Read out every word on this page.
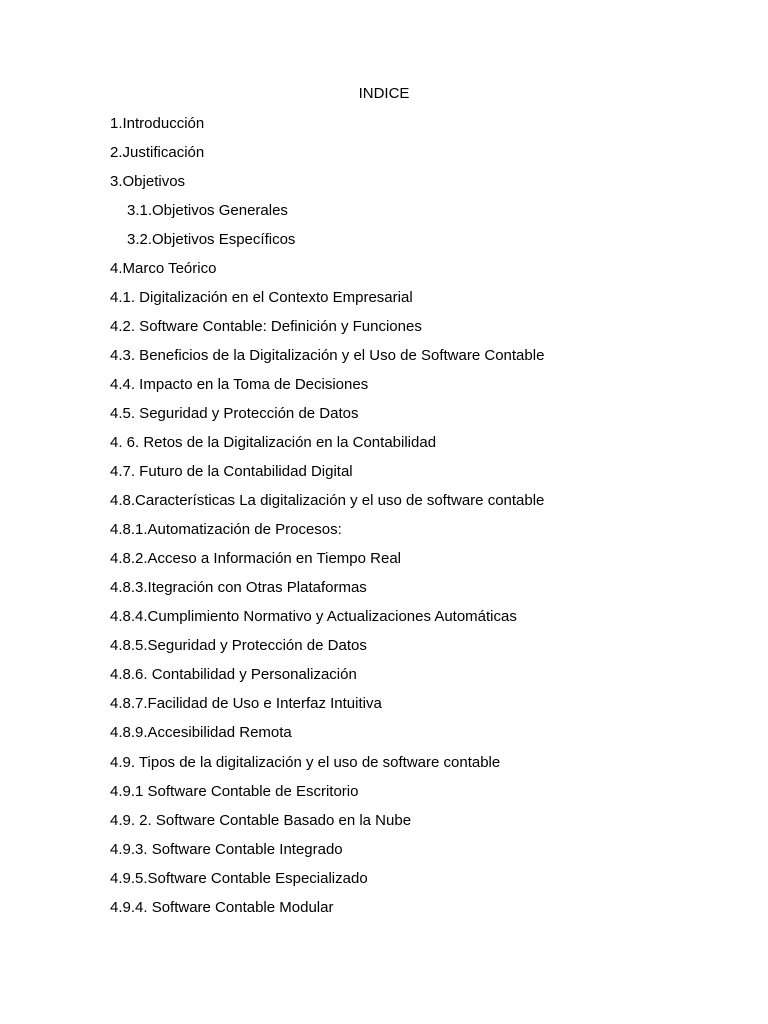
INDICE
1.Introducción
2.Justificación
3.Objetivos
3.1.Objetivos Generales
3.2.Objetivos Específicos
4.Marco Teórico
4.1. Digitalización en el Contexto Empresarial
4.2. Software Contable: Definición y Funciones
4.3. Beneficios de la Digitalización y el Uso de Software Contable
4.4. Impacto en la Toma de Decisiones
4.5. Seguridad y Protección de Datos
4. 6. Retos de la Digitalización en la Contabilidad
4.7. Futuro de la Contabilidad Digital
4.8.Características La digitalización y el uso de software contable
4.8.1.Automatización de Procesos:
4.8.2.Acceso a Información en Tiempo Real
4.8.3.Itegración con Otras Plataformas
4.8.4.Cumplimiento Normativo y Actualizaciones Automáticas
4.8.5.Seguridad y Protección de Datos
4.8.6. Contabilidad y Personalización
4.8.7.Facilidad de Uso e Interfaz Intuitiva
4.8.9.Accesibilidad Remota
4.9. Tipos de la digitalización y el uso de software contable
4.9.1 Software Contable de Escritorio
4.9. 2. Software Contable Basado en la Nube
4.9.3. Software Contable Integrado
4.9.5.Software Contable Especializado
4.9.4. Software Contable Modular
